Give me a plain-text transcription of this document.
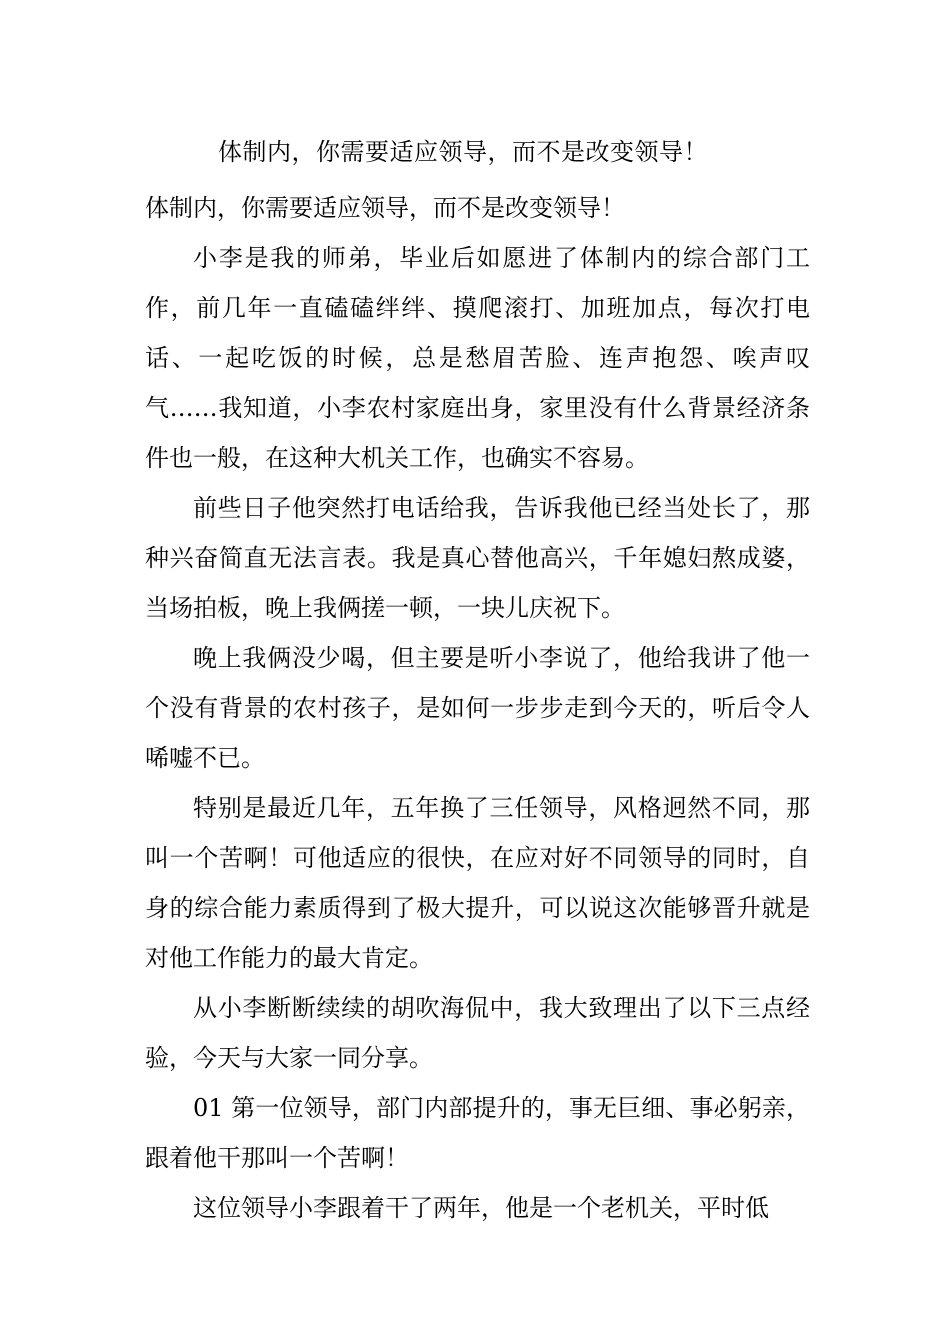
体制内，你需要适应领导，而不是改变领导！

体制内，你需要适应领导，而不是改变领导！

小李是我的师弟，毕业后如愿进了体制内的综合部门工作，前几年一直磕磕绊绊、摸爬滚打、加班加点，每次打电话、一起吃饭的时候，总是愁眉苦脸、连声抱怨、唉声叹气……我知道，小李农村家庭出身，家里没有什么背景经济条件也一般，在这种大机关工作，也确实不容易。

前些日子他突然打电话给我，告诉我他已经当处长了，那种兴奋简直无法言表。我是真心替他高兴，千年媳妇熬成婆，当场拍板，晚上我俩搓一顿，一块儿庆祝下。

晚上我俩没少喝，但主要是听小李说了，他给我讲了他一个没有背景的农村孩子，是如何一步步走到今天的，听后令人唏嘘不已。

特别是最近几年，五年换了三任领导，风格迥然不同，那叫一个苦啊！可他适应的很快，在应对好不同领导的同时，自身的综合能力素质得到了极大提升，可以说这次能够晋升就是对他工作能力的最大肯定。

从小李断断续续的胡吹海侃中，我大致理出了以下三点经验，今天与大家一同分享。

01 第一位领导，部门内部提升的，事无巨细、事必躬亲，跟着他干那叫一个苦啊！

这位领导小李跟着干了两年，他是一个老机关，平时低
